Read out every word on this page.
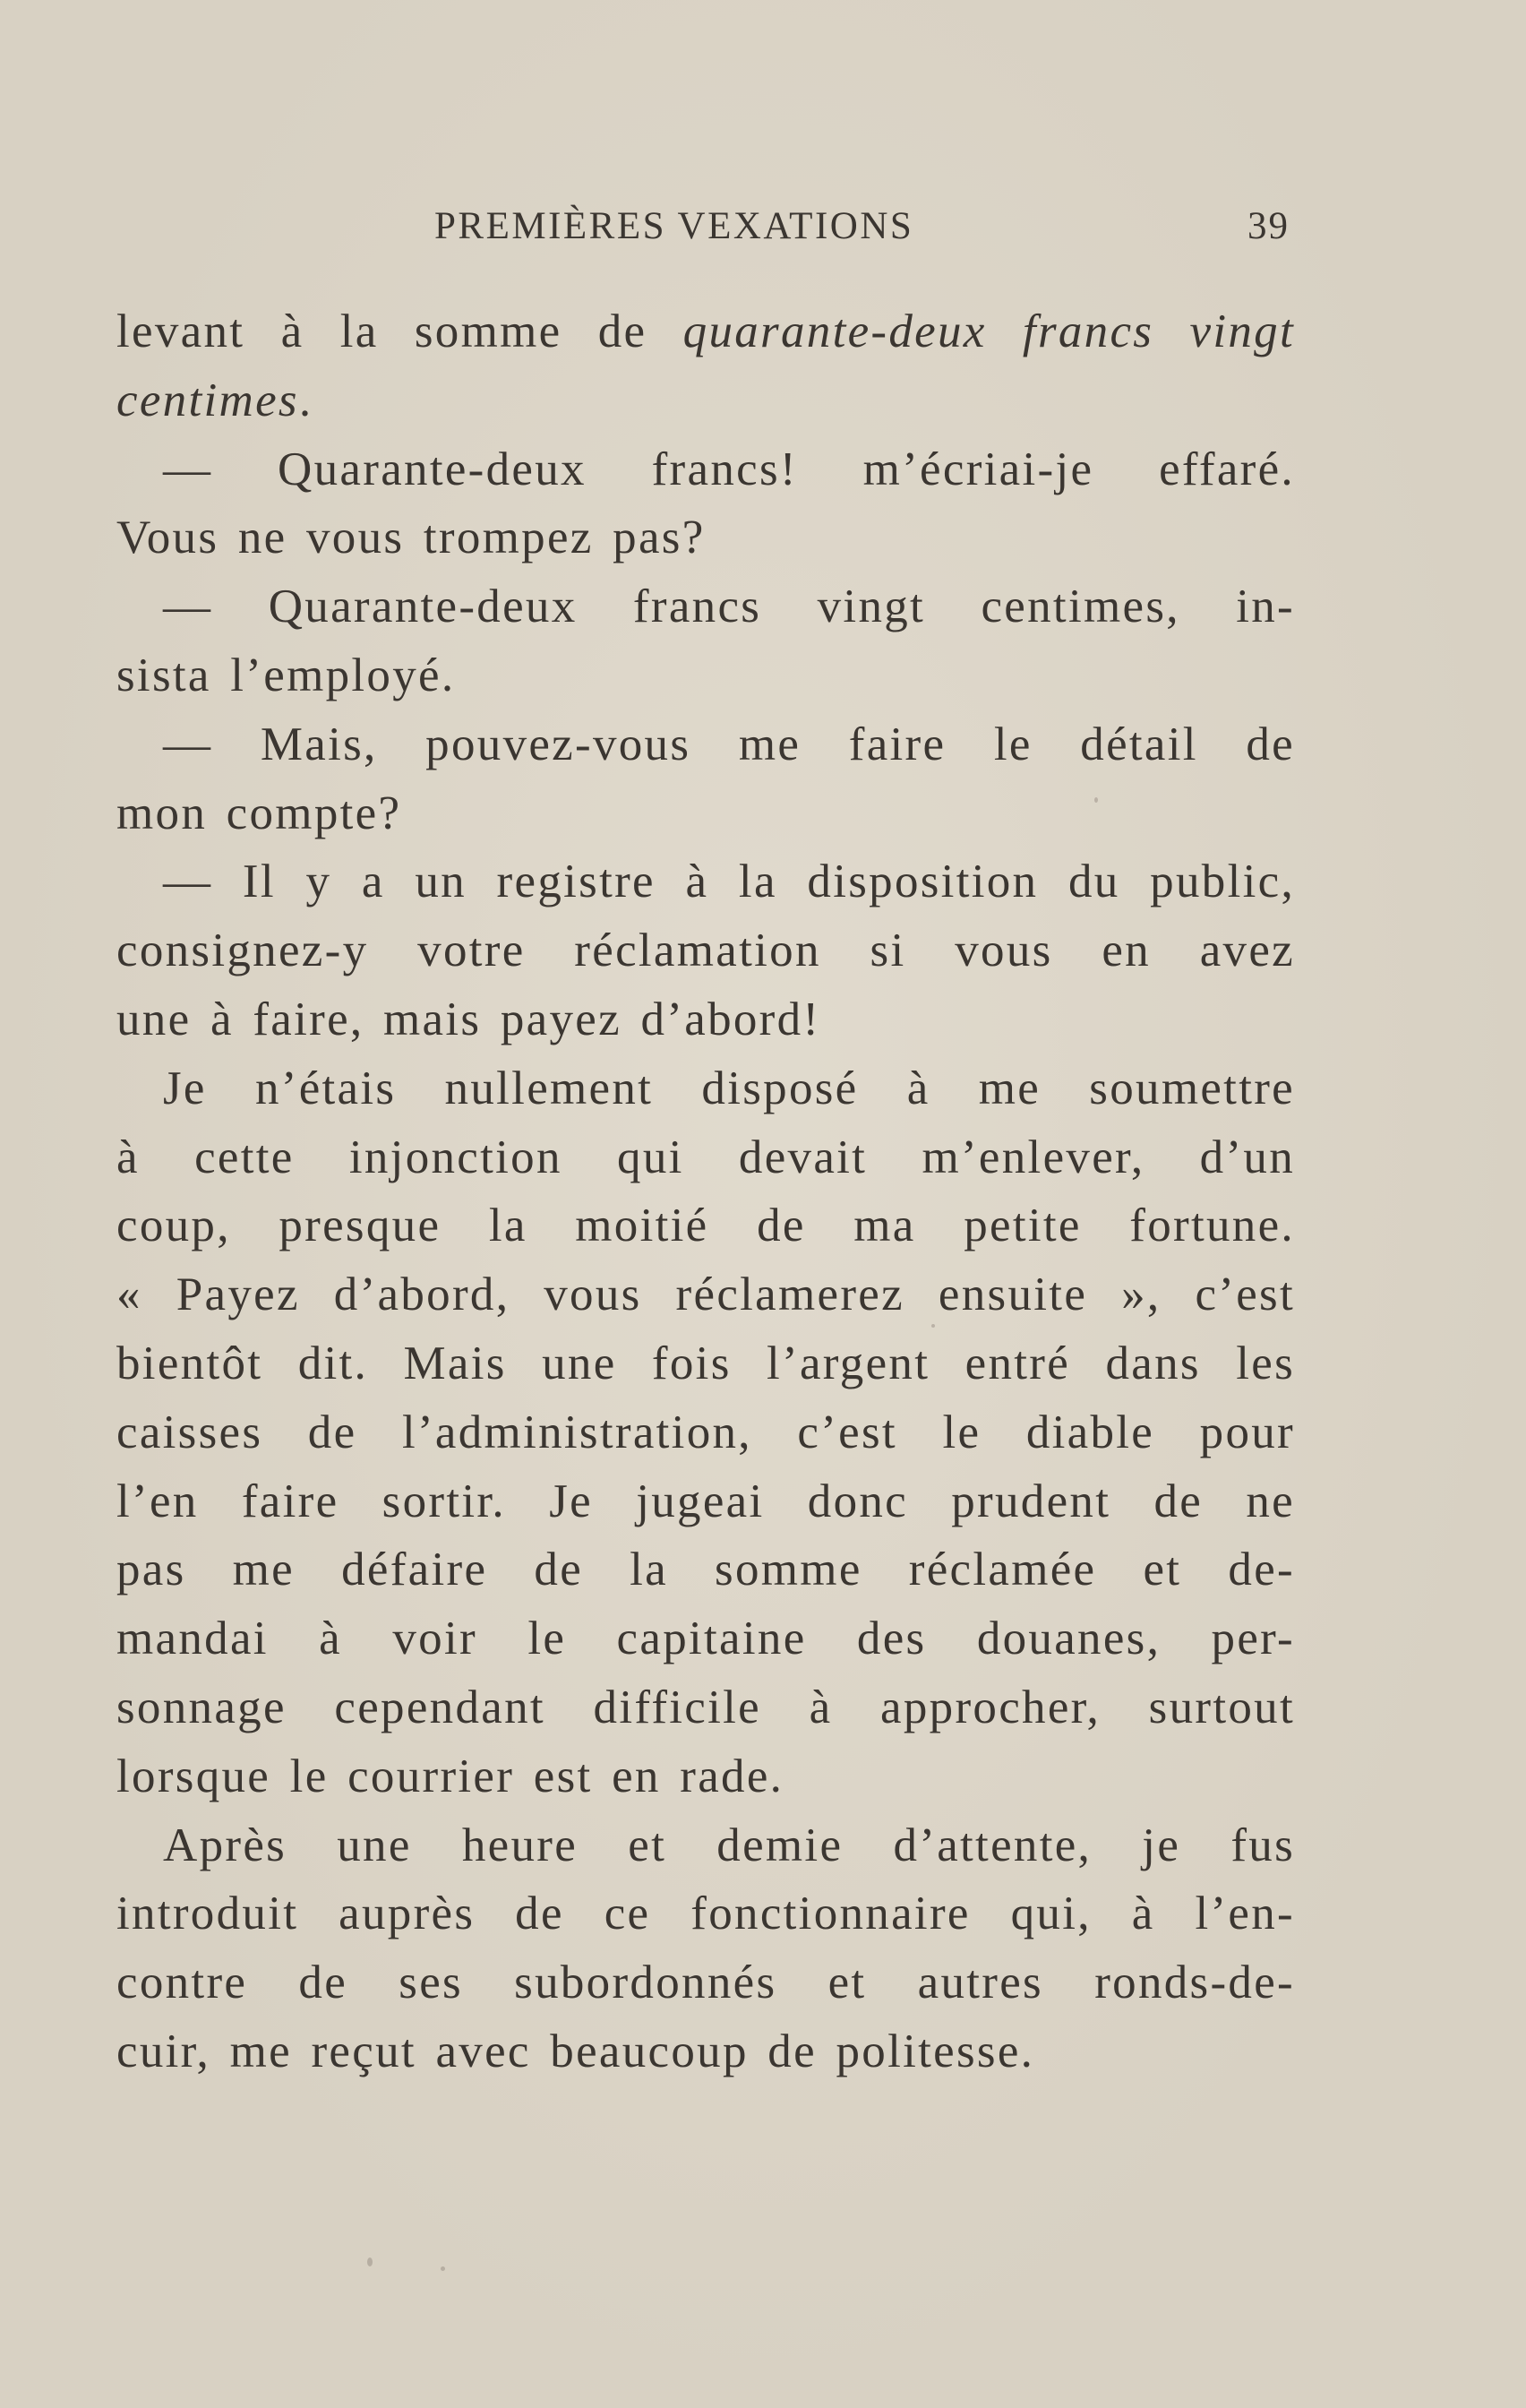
PREMIÈRES VEXATIONS	39
levant à la somme de quarante-deux francs vingt
centimes.
— Quarante-deux francs! m’écriai-je effaré.
Vous ne vous trompez pas?
— Quarante-deux francs vingt centimes, in-
sista l’employé.
— Mais, pouvez-vous me faire le détail de
mon compte?
— Il y a un registre à la disposition du public,
consignez-y votre réclamation si vous en avez
une à faire, mais payez d’abord!
Je n’étais nullement disposé à me soumettre
à cette injonction qui devait m’enlever, d’un
coup, presque la moitié de ma petite fortune.
« Payez d’abord, vous réclamerez ensuite », c’est
bientôt dit. Mais une fois l’argent entré dans les
caisses de l’administration, c’est le diable pour
l’en faire sortir. Je jugeai donc prudent de ne
pas me défaire de la somme réclamée et de-
mandai à voir le capitaine des douanes, per-
sonnage cependant difficile à approcher, surtout
lorsque le courrier est en rade.
Après une heure et demie d’attente, je fus
introduit auprès de ce fonctionnaire qui, à l’en-
contre de ses subordonnés et autres ronds-de-
cuir, me reçut avec beaucoup de politesse.
